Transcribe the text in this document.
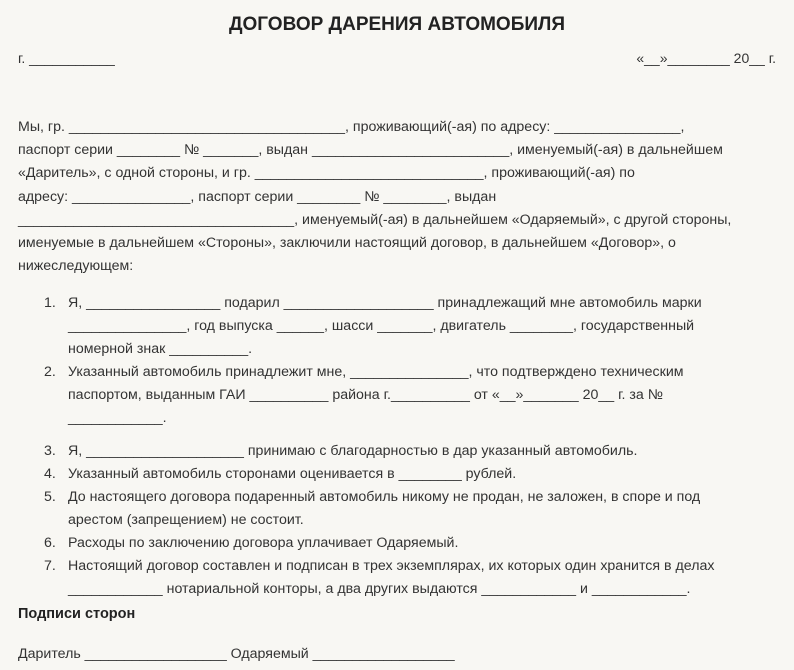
ДОГОВОР ДАРЕНИЯ АВТОМОБИЛЯ
г. ___________	«__»________ 20__ г.

Мы, гр. ___________________________________, проживающий(-ая) по адресу: ________________,

паспорт серии ________ № _______, выдан _________________________, именуемый(-ая) в дальнейшем

«Даритель», с одной стороны, и гр. _____________________________, проживающий(-ая) по

адресу: _______________, паспорт серии ________ № ________, выдан

___________________________________, именуемый(-ая) в дальнейшем «Одаряемый», с другой стороны,

именуемые в дальнейшем «Стороны», заключили настоящий договор, в дальнейшем «Договор», о

нижеследующем:

1. Я, _________________ подарил ___________________ принадлежащий мне автомобиль марки

_______________, год выпуска ______, шасси _______, двигатель ________, государственный

номерной знак __________.

2. Указанный автомобиль принадлежит мне, _______________, что подтверждено техническим

паспортом, выданным ГАИ __________ района г.__________ от «__»_______ 20__ г. за №

____________.

3. Я, ____________________ принимаю с благодарностью в дар указанный автомобиль.

4. Указанный автомобиль сторонами оценивается в ________ рублей.

5. До настоящего договора подаренный автомобиль никому не продан, не заложен, в споре и под

арестом (запрещением) не состоит.

6. Расходы по заключению договора уплачивает Одаряемый.

7. Настоящий договор составлен и подписан в трех экземплярах, их которых один хранится в делах

____________ нотариальной конторы, а два других выдаются ____________ и ____________.

Подписи сторон
Даритель __________________ Одаряемый __________________
